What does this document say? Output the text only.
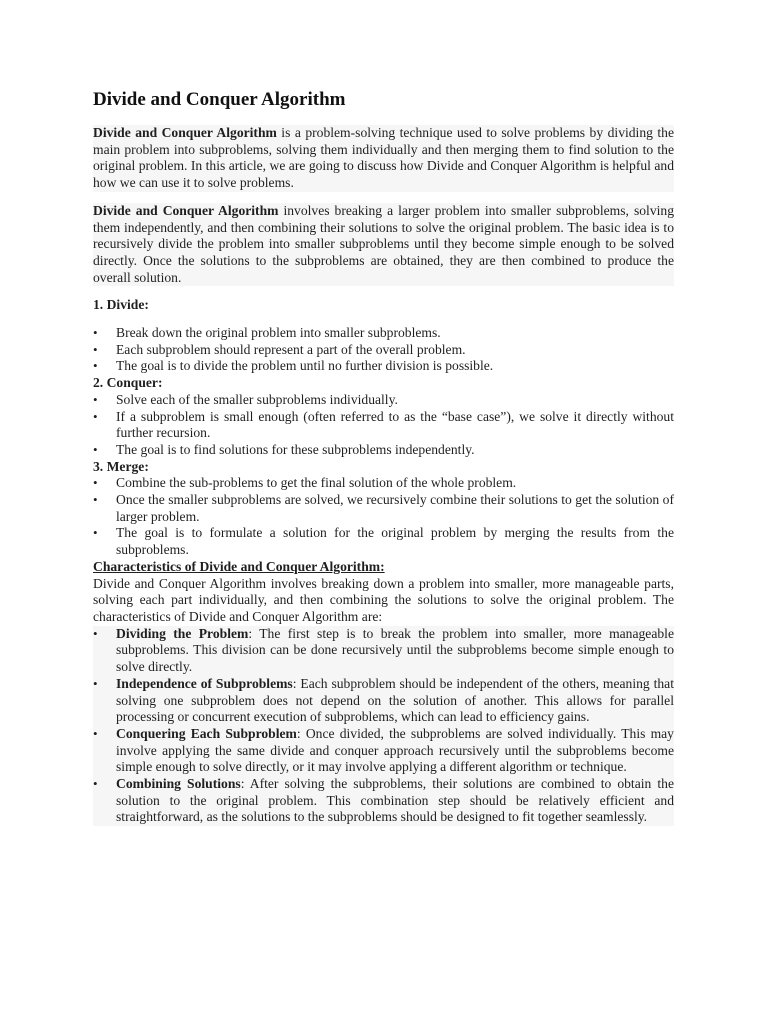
Divide and Conquer Algorithm

Divide and Conquer Algorithm is a problem-solving technique used to solve problems by dividing the main problem into subproblems, solving them individually and then merging them to find solution to the original problem. In this article, we are going to discuss how Divide and Conquer Algorithm is helpful and how we can use it to solve problems.

Divide and Conquer Algorithm involves breaking a larger problem into smaller subproblems, solving them independently, and then combining their solutions to solve the original problem. The basic idea is to recursively divide the problem into smaller subproblems until they become simple enough to be solved directly. Once the solutions to the subproblems are obtained, they are then combined to produce the overall solution.

1. Divide:

• Break down the original problem into smaller subproblems.
• Each subproblem should represent a part of the overall problem.
• The goal is to divide the problem until no further division is possible.

2. Conquer:

• Solve each of the smaller subproblems individually.
• If a subproblem is small enough (often referred to as the “base case”), we solve it directly without further recursion.
• The goal is to find solutions for these subproblems independently.

3. Merge:

• Combine the sub-problems to get the final solution of the whole problem.
• Once the smaller subproblems are solved, we recursively combine their solutions to get the solution of larger problem.
• The goal is to formulate a solution for the original problem by merging the results from the subproblems.

Characteristics of Divide and Conquer Algorithm:

Divide and Conquer Algorithm involves breaking down a problem into smaller, more manageable parts, solving each part individually, and then combining the solutions to solve the original problem. The characteristics of Divide and Conquer Algorithm are:

• Dividing the Problem: The first step is to break the problem into smaller, more manageable subproblems. This division can be done recursively until the subproblems become simple enough to solve directly.
• Independence of Subproblems: Each subproblem should be independent of the others, meaning that solving one subproblem does not depend on the solution of another. This allows for parallel processing or concurrent execution of subproblems, which can lead to efficiency gains.
• Conquering Each Subproblem: Once divided, the subproblems are solved individually. This may involve applying the same divide and conquer approach recursively until the subproblems become simple enough to solve directly, or it may involve applying a different algorithm or technique.
• Combining Solutions: After solving the subproblems, their solutions are combined to obtain the solution to the original problem. This combination step should be relatively efficient and straightforward, as the solutions to the subproblems should be designed to fit together seamlessly.
